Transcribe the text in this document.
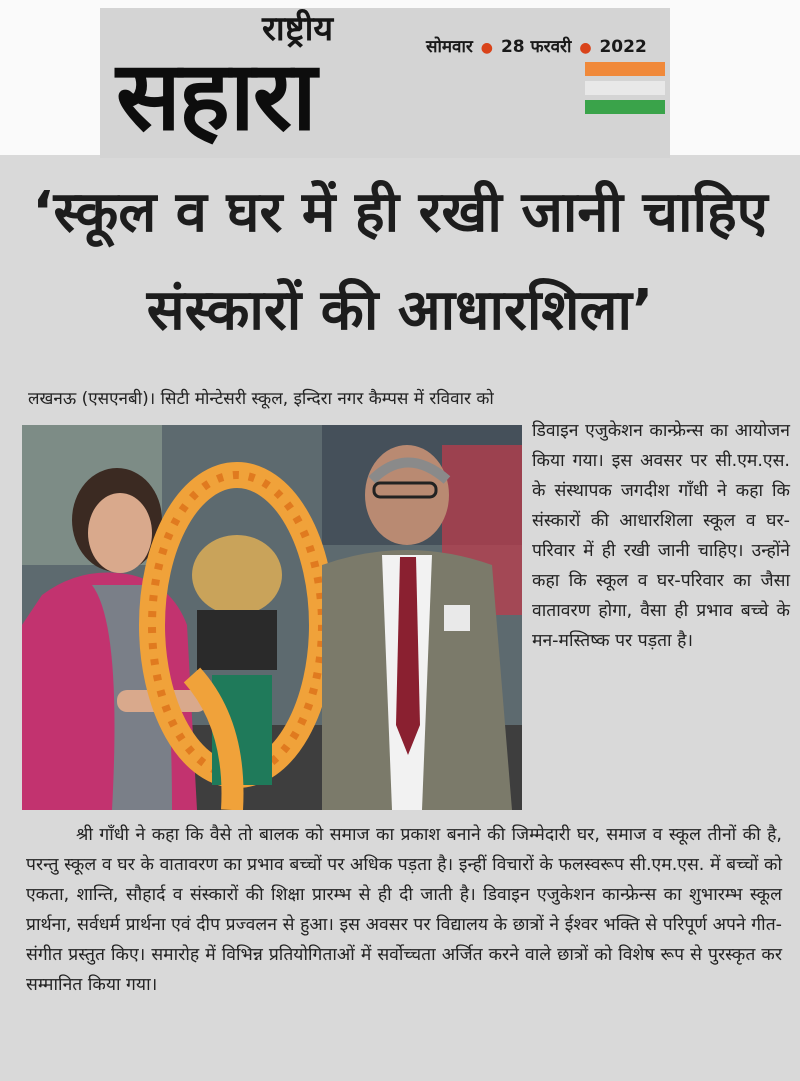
राष्ट्रीय	सोमवार ● 28 फरवरी ● 2022
सहारा
‘स्कूल व घर में ही रखी जानी चाहिए
संस्कारों की आधारशिला’
लखनऊ (एसएनबी)। सिटी मोन्टेसरी स्कूल, इन्दिरा नगर कैम्पस में रविवार को
डिवाइन एजुकेशन कान्फ्रेन्स का आयोजन किया गया। इस अवसर पर सी.एम.एस. के संस्थापक जगदीश गाँधी ने कहा कि संस्कारों की आधारशिला स्कूल व घर-परिवार में ही रखी जानी चाहिए। उन्होंने कहा कि स्कूल व घर-परिवार का जैसा वातावरण होगा, वैसा ही प्रभाव बच्चे के मन-मस्तिष्क पर पड़ता है।
श्री गाँधी ने कहा कि वैसे तो बालक को समाज का प्रकाश बनाने की जिम्मेदारी घर, समाज व स्कूल तीनों की है, परन्तु स्कूल व घर के वातावरण का प्रभाव बच्चों पर अधिक पड़ता है। इन्हीं विचारों के फलस्वरूप सी.एम.एस. में बच्चों को एकता, शान्ति, सौहार्द व संस्कारों की शिक्षा प्रारम्भ से ही दी जाती है। डिवाइन एजुकेशन कान्फ्रेन्स का शुभारम्भ स्कूल प्रार्थना, सर्वधर्म प्रार्थना एवं दीप प्रज्वलन से हुआ। इस अवसर पर विद्यालय के छात्रों ने ईश्वर भक्ति से परिपूर्ण अपने गीत-संगीत प्रस्तुत किए। समारोह में विभिन्न प्रतियोगिताओं में सर्वोच्चता अर्जित करने वाले छात्रों को विशेष रूप से पुरस्कृत कर सम्मानित किया गया।
